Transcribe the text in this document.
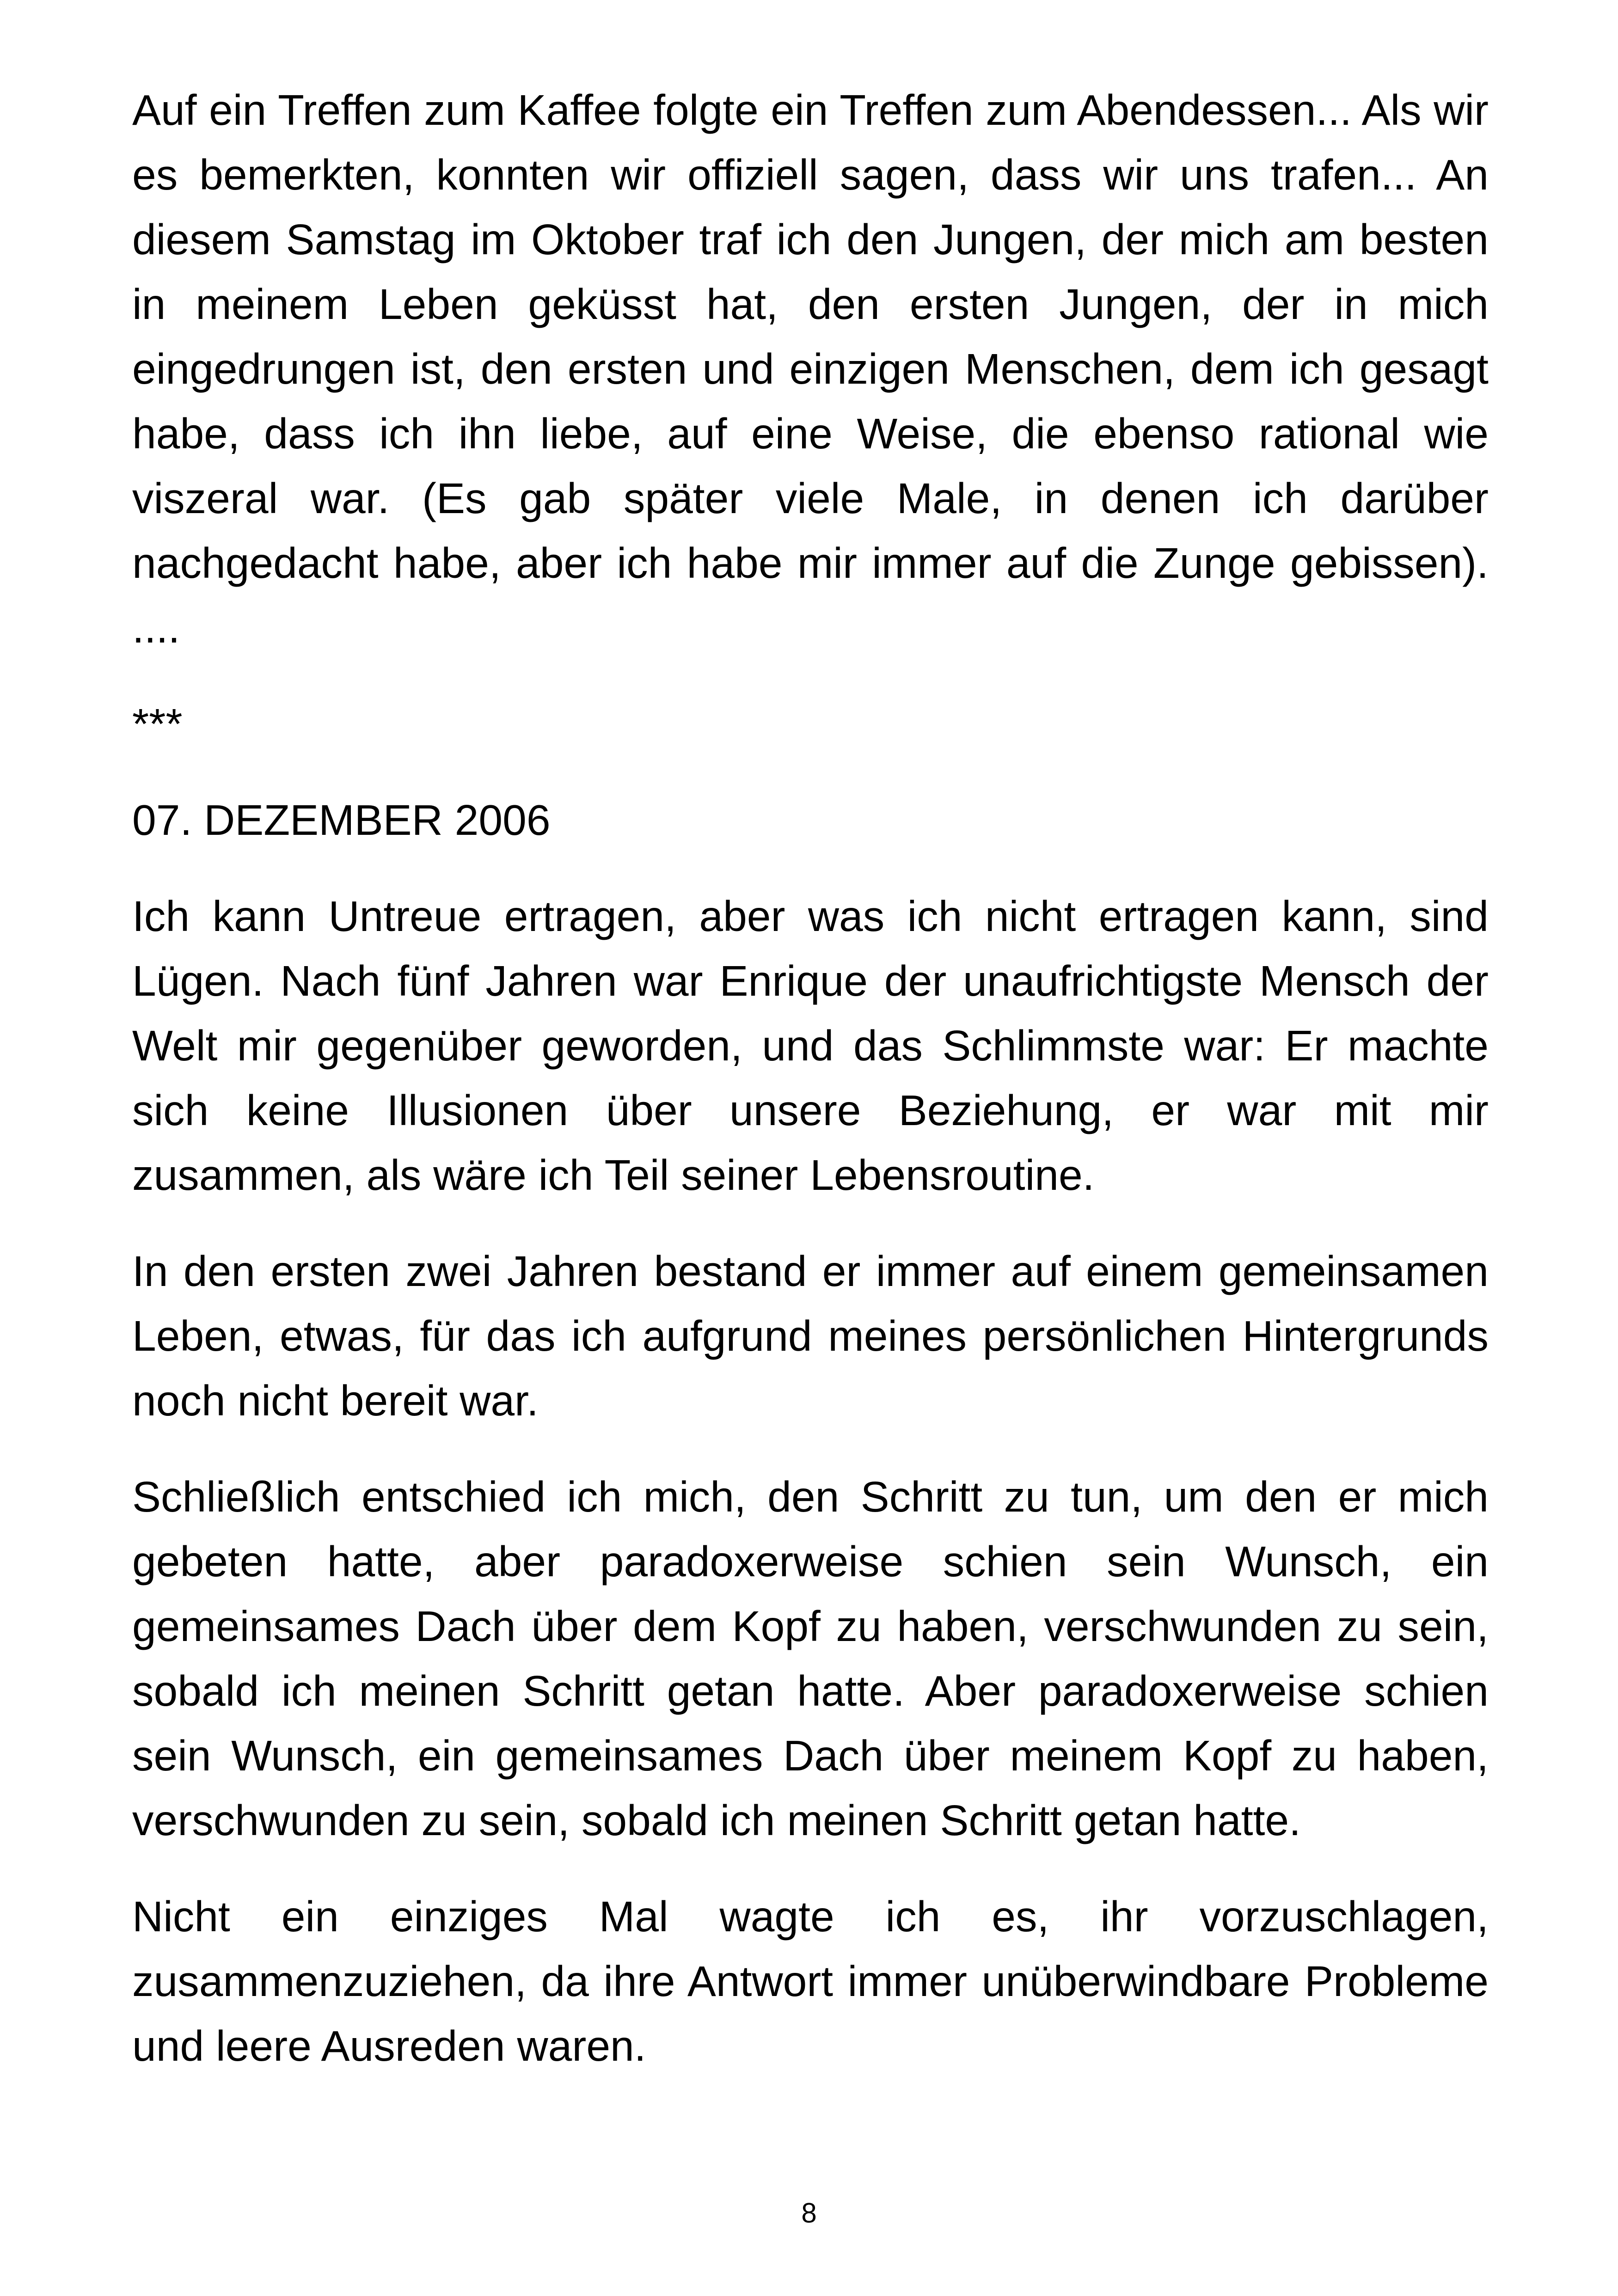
Auf ein Treffen zum Kaffee folgte ein Treffen zum Abendessen... Als wir es bemerkten, konnten wir offiziell sagen, dass wir uns trafen... An diesem Samstag im Oktober traf ich den Jungen, der mich am besten in meinem Leben geküsst hat, den ersten Jungen, der in mich eingedrungen ist, den ersten und einzigen Menschen, dem ich gesagt habe, dass ich ihn liebe, auf eine Weise, die ebenso rational wie viszeral war. (Es gab später viele Male, in denen ich darüber nachgedacht habe, aber ich habe mir immer auf die Zunge gebissen). ....

***
07. DEZEMBER 2006

Ich kann Untreue ertragen, aber was ich nicht ertragen kann, sind Lügen. Nach fünf Jahren war Enrique der unaufrichtigste Mensch der Welt mir gegenüber geworden, und das Schlimmste war: Er machte sich keine Illusionen über unsere Beziehung, er war mit mir zusammen, als wäre ich Teil seiner Lebensroutine.

In den ersten zwei Jahren bestand er immer auf einem gemeinsamen Leben, etwas, für das ich aufgrund meines persönlichen Hintergrunds noch nicht bereit war.

Schließlich entschied ich mich, den Schritt zu tun, um den er mich gebeten hatte, aber paradoxerweise schien sein Wunsch, ein gemeinsames Dach über dem Kopf zu haben, verschwunden zu sein, sobald ich meinen Schritt getan hatte. Aber paradoxerweise schien sein Wunsch, ein gemeinsames Dach über meinem Kopf zu haben, verschwunden zu sein, sobald ich meinen Schritt getan hatte.

Nicht ein einziges Mal wagte ich es, ihr vorzuschlagen, zusammenzuziehen, da ihre Antwort immer unüberwindbare Probleme und leere Ausreden waren.

8
